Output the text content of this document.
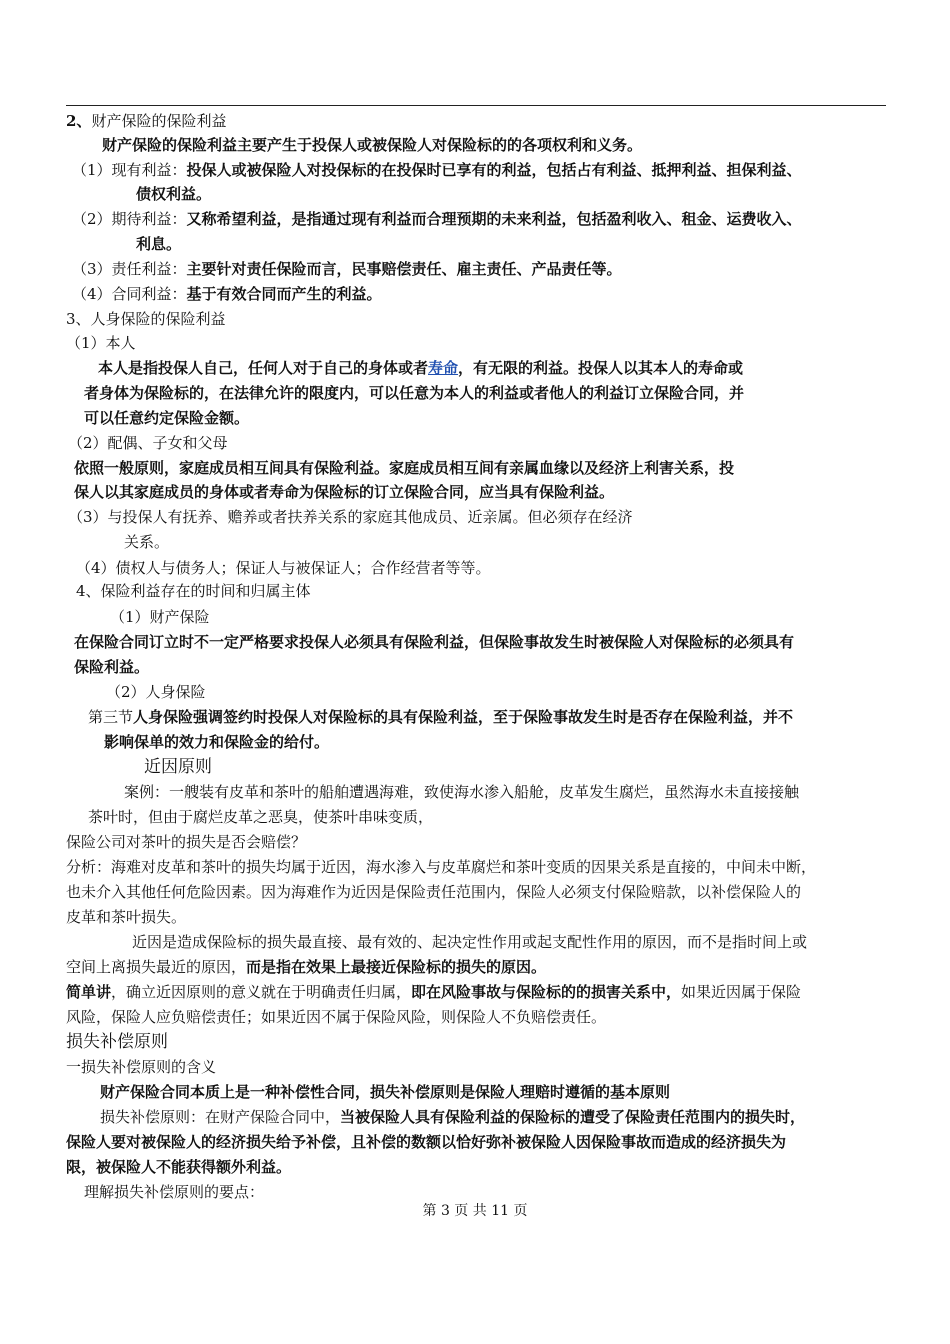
2、财产保险的保险利益
财产保险的保险利益主要产生于投保人或被保险人对保险标的的各项权利和义务。
（1）现有利益：投保人或被保险人对投保标的在投保时已享有的利益，包括占有利益、抵押利益、担保利益、
债权利益。
（2）期待利益：又称希望利益，是指通过现有利益而合理预期的未来利益，包括盈利收入、租金、运费收入、
利息。
（3）责任利益：主要针对责任保险而言，民事赔偿责任、雇主责任、产品责任等。
（4）合同利益：基于有效合同而产生的利益。
3、人身保险的保险利益
（1）本人
本人是指投保人自己，任何人对于自己的身体或者寿命，有无限的利益。投保人以其本人的寿命或
者身体为保险标的，在法律允许的限度内，可以任意为本人的利益或者他人的利益订立保险合同，并
可以任意约定保险金额。
（2）配偶、子女和父母
依照一般原则，家庭成员相互间具有保险利益。家庭成员相互间有亲属血缘以及经济上利害关系，投
保人以其家庭成员的身体或者寿命为保险标的订立保险合同，应当具有保险利益。
（3）与投保人有抚养、赡养或者扶养关系的家庭其他成员、近亲属。但必须存在经济
关系。
（4）债权人与债务人；保证人与被保证人；合作经营者等等。
4、保险利益存在的时间和归属主体
（1）财产保险
在保险合同订立时不一定严格要求投保人必须具有保险利益，但保险事故发生时被保险人对保险标的必须具有
保险利益。
（2）人身保险
第三节人身保险强调签约时投保人对保险标的具有保险利益，至于保险事故发生时是否存在保险利益，并不
影响保单的效力和保险金的给付。
近因原则
案例：一艘装有皮革和茶叶的船舶遭遇海难，致使海水渗入船舱，皮革发生腐烂，虽然海水未直接接触
茶叶时，但由于腐烂皮革之恶臭，使茶叶串味变质，
保险公司对茶叶的损失是否会赔偿？
分析：海难对皮革和茶叶的损失均属于近因，海水渗入与皮革腐烂和茶叶变质的因果关系是直接的，中间未中断，
也未介入其他任何危险因素。因为海难作为近因是保险责任范围内，保险人必须支付保险赔款，以补偿保险人的
皮革和茶叶损失。
近因是造成保险标的损失最直接、最有效的、起决定性作用或起支配性作用的原因，而不是指时间上或
空间上离损失最近的原因，而是指在效果上最接近保险标的损失的原因。
简单讲，确立近因原则的意义就在于明确责任归属，即在风险事故与保险标的的损害关系中，如果近因属于保险
风险，保险人应负赔偿责任；如果近因不属于保险风险，则保险人不负赔偿责任。
损失补偿原则
一损失补偿原则的含义
财产保险合同本质上是一种补偿性合同，损失补偿原则是保险人理赔时遵循的基本原则
损失补偿原则：在财产保险合同中，当被保险人具有保险利益的保险标的遭受了保险责任范围内的损失时，
保险人要对被保险人的经济损失给予补偿，且补偿的数额以恰好弥补被保险人因保险事故而造成的经济损失为
限，被保险人不能获得额外利益。
理解损失补偿原则的要点：
第 3 页 共 11 页
